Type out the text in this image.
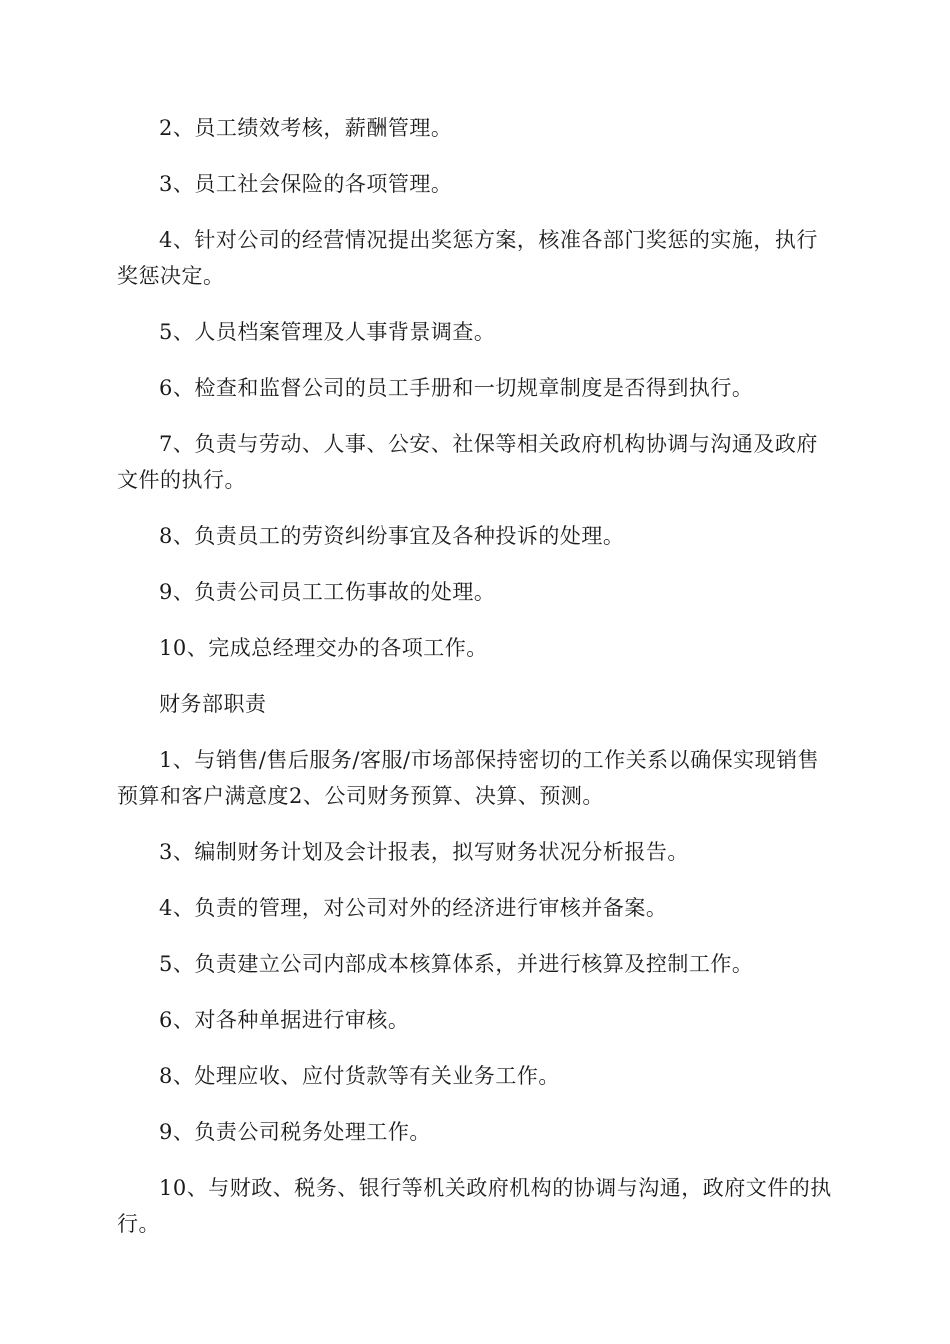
2、员工绩效考核，薪酬管理。

3、员工社会保险的各项管理。

4、针对公司的经营情况提出奖惩方案，核准各部门奖惩的实施，执行奖惩决定。

5、人员档案管理及人事背景调查。

6、检查和监督公司的员工手册和一切规章制度是否得到执行。

7、负责与劳动、人事、公安、社保等相关政府机构协调与沟通及政府文件的执行。

8、负责员工的劳资纠纷事宜及各种投诉的处理。

9、负责公司员工工伤事故的处理。

10、完成总经理交办的各项工作。

财务部职责

1、与销售/售后服务/客服/市场部保持密切的工作关系以确保实现销售预算和客户满意度2、公司财务预算、决算、预测。

3、编制财务计划及会计报表，拟写财务状况分析报告。

4、负责的管理，对公司对外的经济进行审核并备案。

5、负责建立公司内部成本核算体系，并进行核算及控制工作。

6、对各种单据进行审核。

8、处理应收、应付货款等有关业务工作。

9、负责公司税务处理工作。

10、与财政、税务、银行等机关政府机构的协调与沟通，政府文件的执行。
